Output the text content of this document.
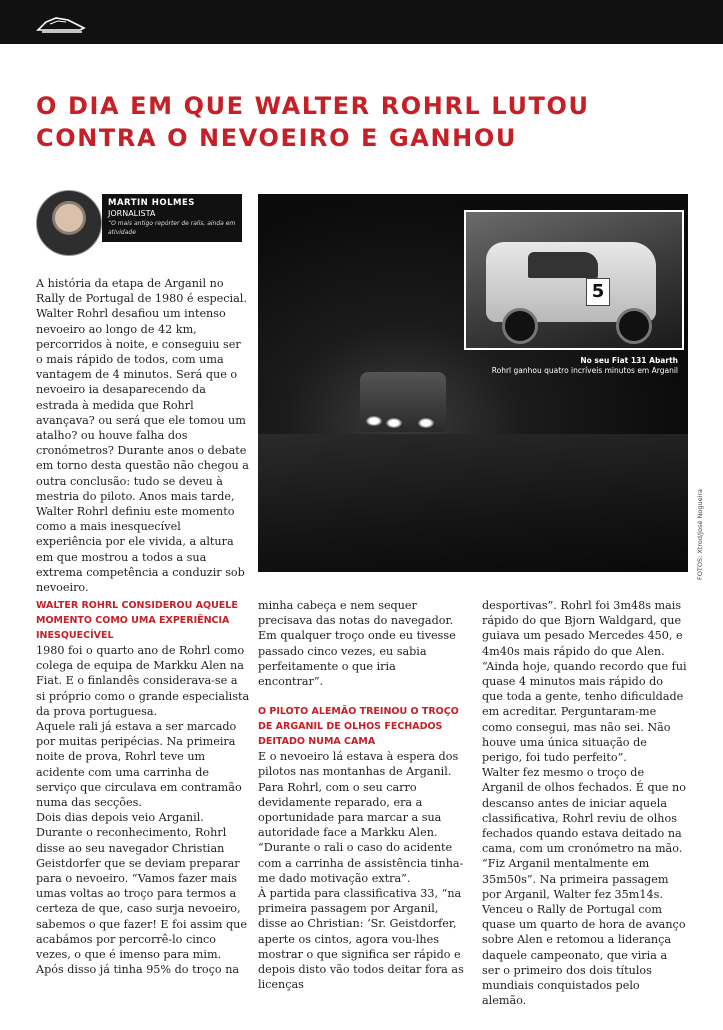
O DIA EM QUE WALTER ROHRL LUTOU CONTRA O NEVOEIRO E GANHOU
MARTIN HOLMES
JORNALISTA
“O mais antigo repórter de ralis, ainda em atividade

A história da etapa de Arganil no Rally de Portugal de 1980 é especial. Walter Rohrl desafiou um intenso nevoeiro ao longo de 42 km, percorridos à noite, e conseguiu ser o mais rápido de todos, com uma vantagem de 4 minutos. Será que o nevoeiro ia desaparecendo da estrada à medida que Rohrl avançava? ou será que ele tomou um atalho? ou houve falha dos cronómetros? Durante anos o debate em torno desta questão não chegou a outra conclusão: tudo se deveu à mestria do piloto. Anos mais tarde, Walter Rohrl definiu este momento como a mais inesquecível experiência por ele vivida, a altura em que mostrou a todos a sua extrema competência a conduzir sob nevoeiro.

5
No seu Fiat 131 Abarth
Rohrl ganhou quatro incríveis minutos em Arganil
FOTOS: Xtrod/José Nogueira

WALTER ROHRL CONSIDEROU AQUELE MOMENTO COMO UMA EXPERIÊNCIA INESQUECÍVEL

1980 foi o quarto ano de Rohrl como colega de equipa de Markku Alen na Fiat. E o finlandês considerava-se a si próprio como o grande especialista da prova portuguesa.

Aquele rali já estava a ser marcado por muitas peripécias. Na primeira noite de prova, Rohrl teve um acidente com uma carrinha de serviço que circulava em contramão numa das secções.

Dois dias depois veio Arganil. Durante o reconhecimento, Rohrl disse ao seu navegador Christian Geistdorfer que se deviam preparar para o nevoeiro. “Vamos fazer mais umas voltas ao troço para termos a certeza de que, caso surja nevoeiro, sabemos o que fazer! E foi assim que acabámos por percorrê-lo cinco vezes, o que é imenso para mim. Após disso já tinha 95% do troço na

minha cabeça e nem sequer precisava das notas do navegador. Em qualquer troço onde eu tivesse passado cinco vezes, eu sabia perfeitamente o que iria encontrar”.

O PILOTO ALEMÃO TREINOU O TROÇO DE ARGANIL DE OLHOS FECHADOS DEITADO NUMA CAMA

E o nevoeiro lá estava à espera dos pilotos nas montanhas de Arganil. Para Rohrl, com o seu carro devidamente reparado, era a oportunidade para marcar a sua autoridade face a Markku Alen. “Durante o rali o caso do acidente com a carrinha de assistência tinha-me dado motivação extra”.

À partida para classificativa 33, “na primeira passagem por Arganil, disse ao Christian: ‘Sr. Geistdorfer, aperte os cintos, agora vou-lhes mostrar o que significa ser rápido e depois disto vão todos deitar fora as licenças

desportivas”. Rohrl foi 3m48s mais rápido do que Bjorn Waldgard, que guiava um pesado Mercedes 450, e 4m40s mais rápido do que Alen. “Ainda hoje, quando recordo que fui quase 4 minutos mais rápido do que toda a gente, tenho dificuldade em acreditar. Perguntaram-me como consegui, mas não sei. Não houve uma única situação de perigo, foi tudo perfeito”.

Walter fez mesmo o troço de Arganil de olhos fechados. É que no descanso antes de iniciar aquela classificativa, Rohrl reviu de olhos fechados quando estava deitado na cama, com um cronómetro na mão. “Fiz Arganil mentalmente em 35m50s”. Na primeira passagem por Arganil, Walter fez 35m14s. Venceu o Rally de Portugal com quase um quarto de hora de avanço sobre Alen e retomou a liderança daquele campeonato, que viria a ser o primeiro dos dois títulos mundiais conquistados pelo alemão.
